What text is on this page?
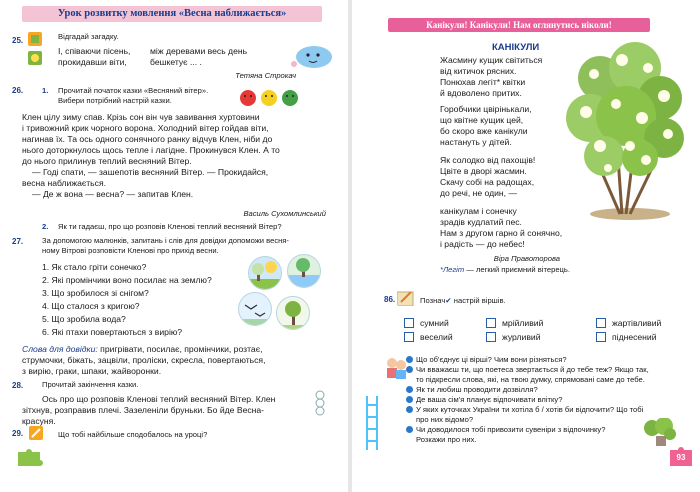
Урок розвитку мовлення «Весна наближається»
25.	Відгадай загадку.
І, співаючи пісень,
прокидавши віти,
між деревами весь день
бешкетує ... .
Тетяна Строкач
26. 1. Прочитай початок казки «Весняний вітер».
Вибери потрібний настрій казки.
Клен цілу зиму спав. Крізь сон він чув завивання хуртовини
і тривожний крик чорного ворона. Холодний вітер гойдав віти,
нагинав їх. Та ось одного сонячного ранку відчув Клен, ніби до
нього доторкнулось щось тепле і лагідне. Прокинувся Клен. А то
до нього прилинув теплий весняний Вітер.
— Годі спати, — зашепотів весняний Вітер. — Прокидайся,
весна наближається.
— Де ж вона — весна? — запитав Клен.
Василь Сухомлинський
2. Як ти гадаєш, про що розповів Кленові теплий весняний Вітер?
27. За допомогою малюнків, запитань і слів для довідки допоможи весня-
ному Вітрові розповісти Кленові про прихід весни.
1. Як стало гріти сонечко?
2. Які промінчики воно посилає на землю?
3. Що зробилося зі снігом?
4. Що сталося з кригою?
5. Що зробила вода?
6. Які птахи повертаються з вирію?
Слова для довідки: пригрівати, посилає, промінчики, розтає,
струмочки, біжать, зацвіли, пролiски, скресла, повертаються,
з вирію, граки, шпаки, жайворонки.
28. Прочитай закінчення казки.
Ось про що розповів Кленові теплий весняний Вітер. Клен
зітхнув, розправив плечі. Зазеленіли бруньки. Бо йде Весна-
красуня.
29.	Що тобі найбільше сподобалось на уроці?
Канікули! Канікули! Нам оглянутись ніколи!
КАНІКУЛИ
Жасмину кущик світиться
від китичок рясних.
Понюхав легіт* квітки
й вдоволено притих.
Горобчики цвірінькали,
що квітне кущик цей,
бо скоро вже канікули
настануть у дітей.
Як солодко від пахощів!
Цвіте в дворі жасмин.
Скачу собі на радощах,
до речі, не один, —
канікулам і сонечку
зрадів кудлатий пес.
Нам з другом гарно й сонячно,
і радість — до небес!
Віра Правоторова
*Легіт — легкий приємний вітерець.
86.	Познач✔ настрій віршів.
сумний	мрійливий	жартівливий
веселий	журливий	піднесений
Що об'єднує ці вірші? Чим вони різняться?
Чи вважаєш ти, що поетеса звертається й до тебе теж? Якщо так,
то підкресли слова, які, на твою думку, спрямовані саме до тебе.
Як ти любиш проводити дозвілля?
Де ваша сім'я планує відпочивати влітку?
У яких куточках України ти хотіла б / хотів би відпочити? Що тобі
про них відомо?
Чи доводилося тобі привозити сувеніри з відпочинку?
Розкажи про них.
93
